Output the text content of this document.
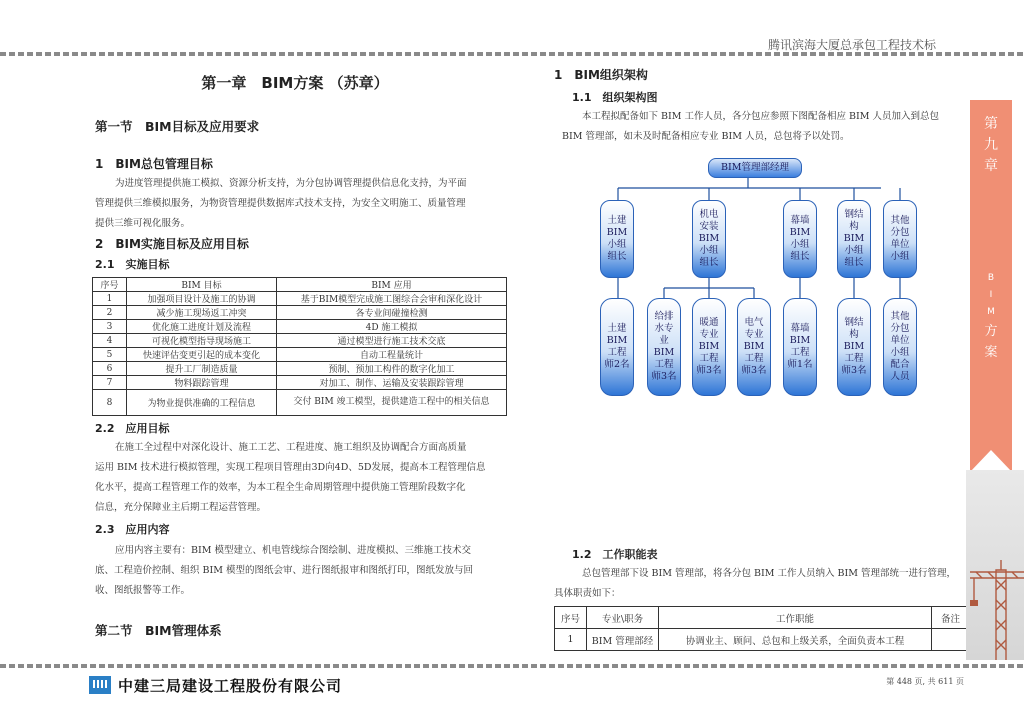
腾讯滨海大厦总承包工程技术标
第一章　BIM方案 （苏章）
第一节　BIM目标及应用要求
1　BIM总包管理目标
为进度管理提供施工模拟、资源分析支持，为分包协调管理提供信息化支持，为平面
管理提供三维模拟服务，为物资管理提供数据库式技术支持，为安全文明施工、质量管理
提供三维可视化服务。
2　BIM实施目标及应用目标
2.1　实施目标
序号	BIM 目标	BIM 应用
1	加强项目设计及施工的协调	基于BIM模型完成施工图综合会审和深化设计
2	减少施工现场返工冲突	各专业间碰撞检测
3	优化施工进度计划及流程	4D 施工模拟
4	可视化模型指导现场施工	通过模型进行施工技术交底
5	快速评估变更引起的成本变化	自动工程量统计
6	提升工厂制造质量	预制、预加工构件的数字化加工
7	物料跟踪管理	对加工、制作、运输及安装跟踪管理
8	为物业提供准确的工程信息	交付 BIM 竣工模型，提供建造工程中的相关信息
2.2　应用目标
在施工全过程中对深化设计、施工工艺、工程进度、施工组织及协调配合方面高质量
运用 BIM 技术进行模拟管理，实现工程项目管理由3D向4D、5D发展，提高本工程管理信息
化水平，提高工程管理工作的效率，为本工程全生命周期管理中提供施工管理阶段数字化
信息，充分保障业主后期工程运营管理。
2.3　应用内容
应用内容主要有：BIM 模型建立、机电管线综合图绘制、进度模拟、三维施工技术交
底、工程造价控制、组织 BIM 模型的图纸会审、进行图纸报审和图纸打印，图纸发放与回
收、图纸报警等工作。
第二节　BIM管理体系
1　BIM组织架构
1.1　组织架构图
本工程拟配备如下 BIM 工作人员，各分包应参照下图配备相应 BIM 人员加入到总包
BIM 管理部，如未及时配备相应专业 BIM 人员，总包将予以处罚。
BIM管理部经理
土建BIM小组组长
机电安装BIM小组组长
幕墙BIM小组组长
钢结构BIM小组组长
其他分包单位小组
土建BIM工程师2名
给排水专业BIM工程师3名
暖通专业BIM工程师3名
电气专业BIM工程师3名
幕墙BIM工程师1名
钢结构BIM工程师3名
其他分包单位小组配合人员
1.2　工作职能表
总包管理部下设 BIM 管理部，将各分包 BIM 工作人员纳入 BIM 管理部统一进行管理，
具体职责如下：
序号	专业\职务	工作职能	备注
1	BIM 管理部经	协调业主、顾问、总包和上级关系，全面负责本工程	
第
九
章
B
I
M
方
案
中建三局建设工程股份有限公司	第 448 页, 共 611 页
